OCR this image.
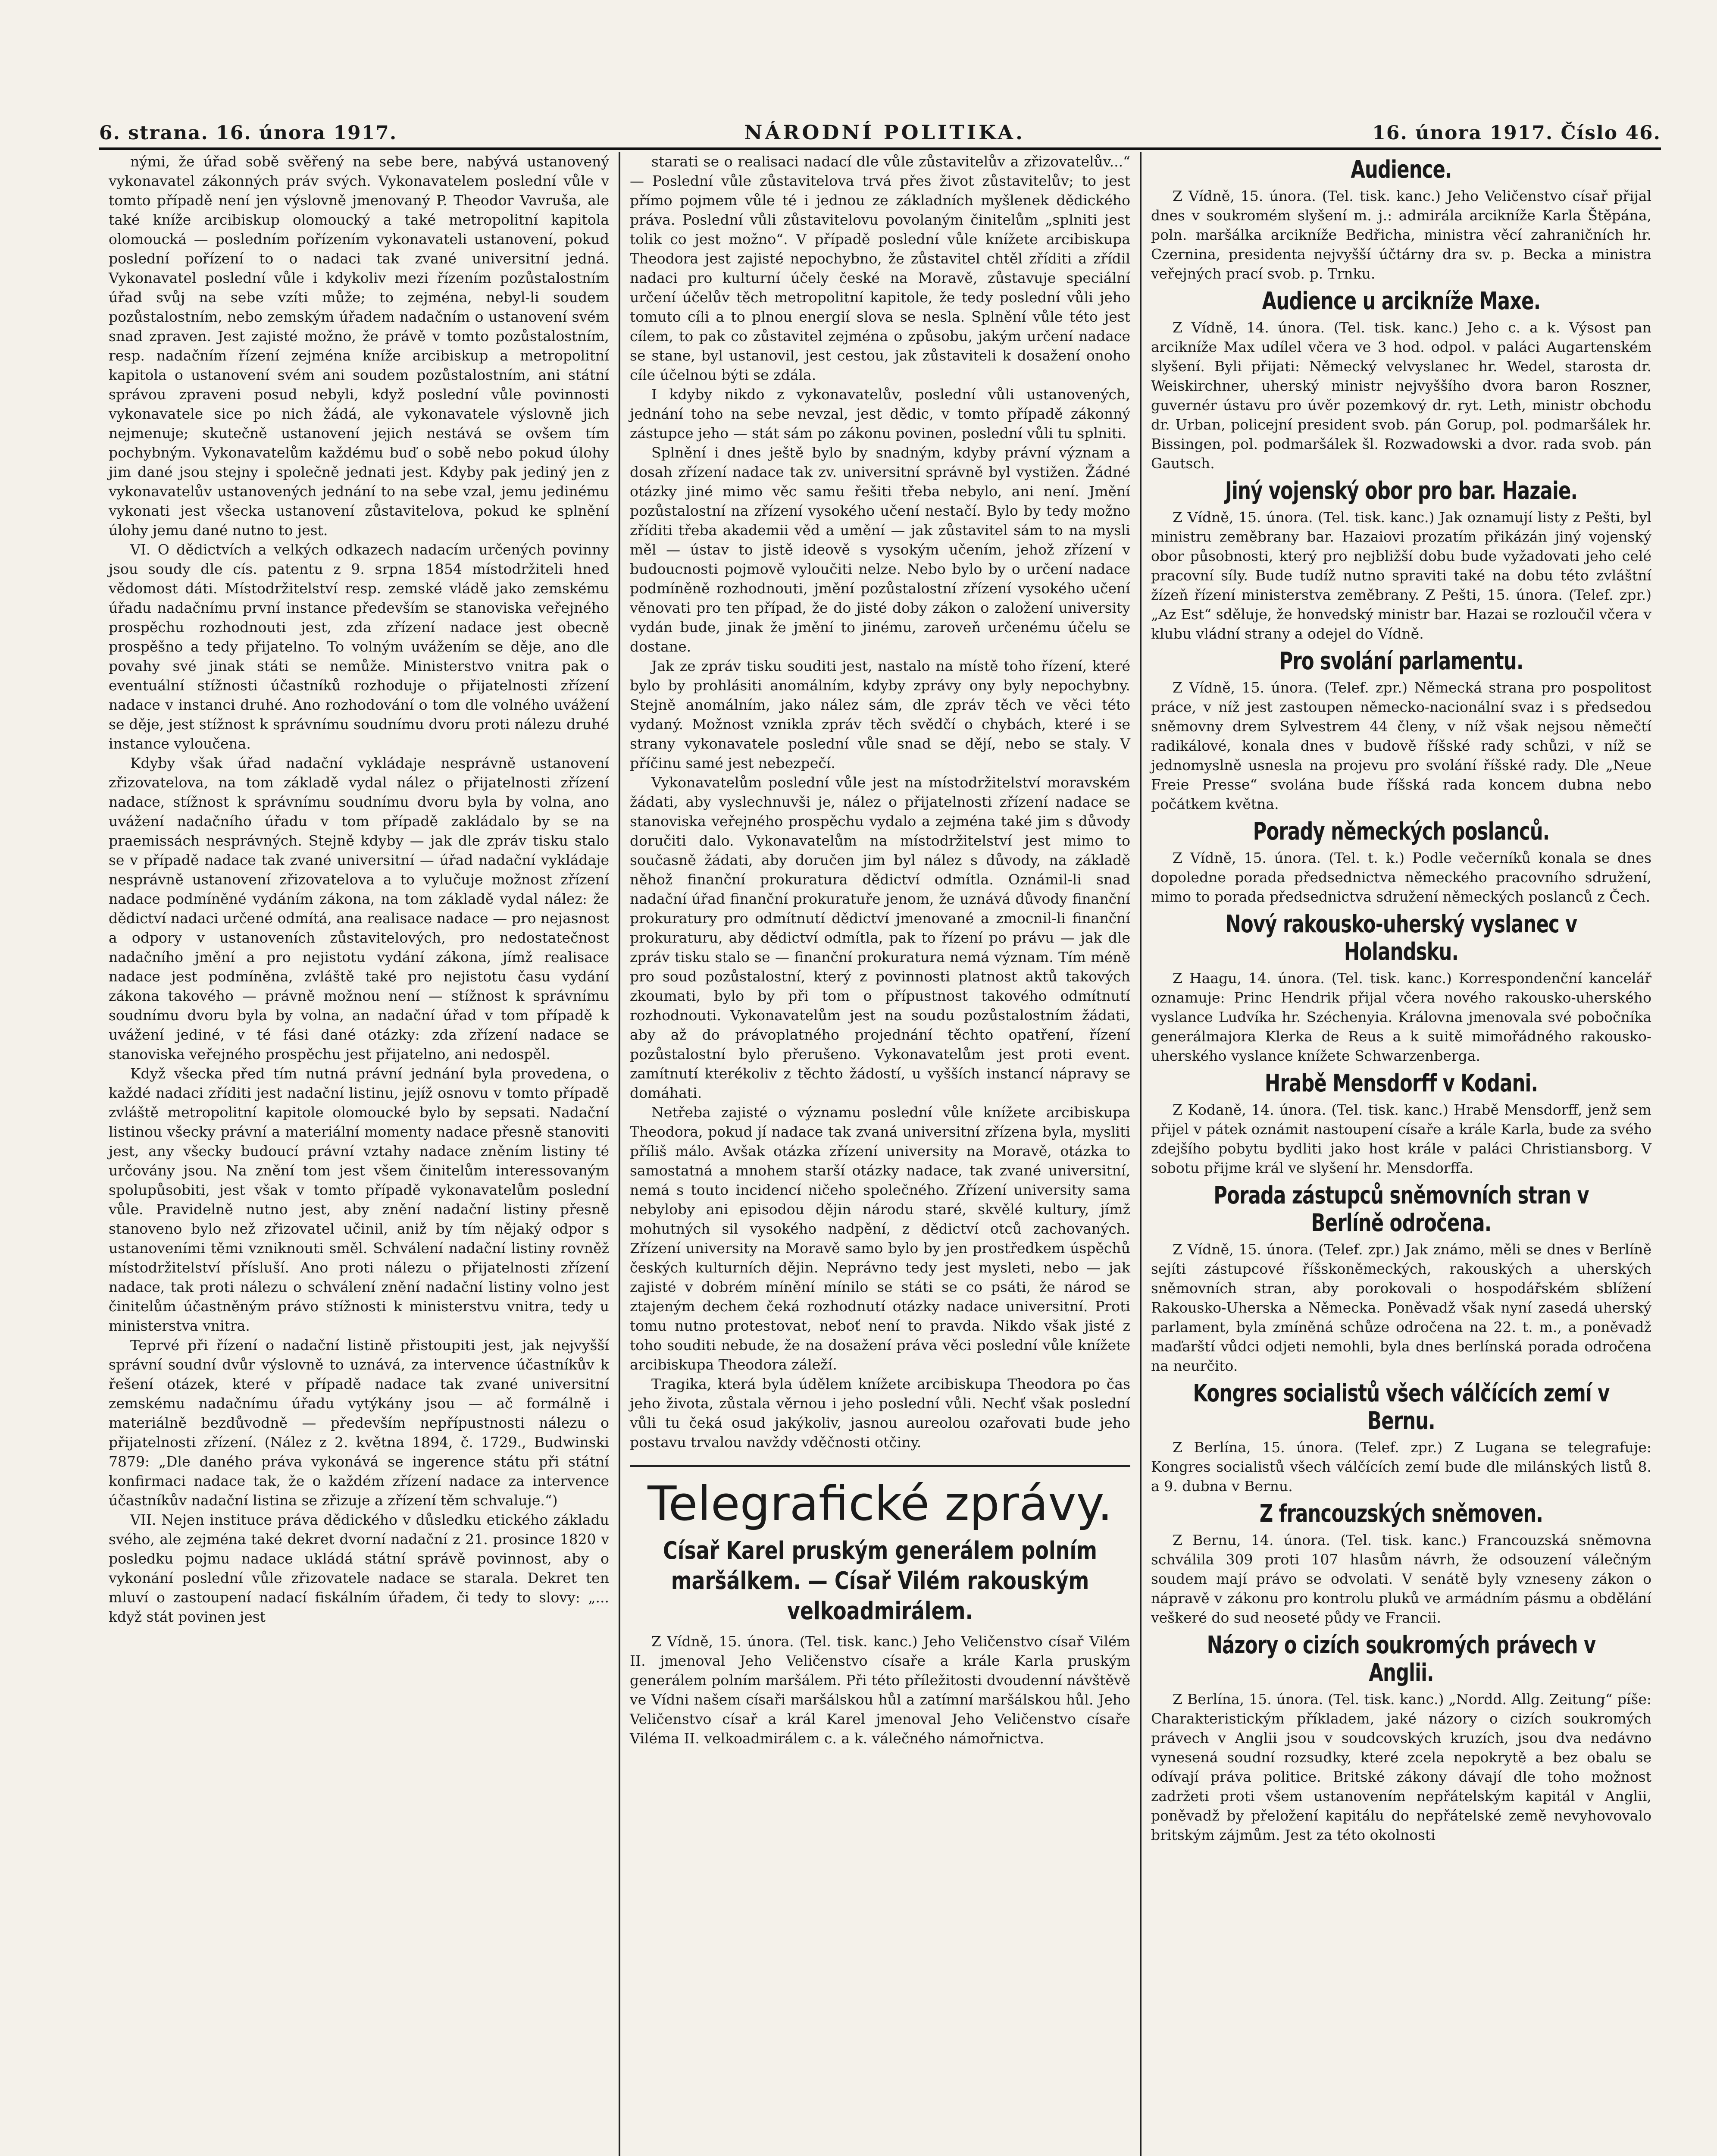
6. strana. 16. února 1917.	NÁRODNÍ POLITIKA.	16. února 1917. Číslo 46.

nými, že úřad sobě svěřený na sebe bere, nabývá ustanovený vykonavatel zákonných práv svých. Vykonavatelem poslední vůle v tomto případě není jen výslovně jmenovaný P. Theodor Vavruša, ale také kníže arcibiskup olomoucký a také metropolitní kapitola olomoucká — posledním pořízením vykonavateli ustanovení, pokud poslední pořízení to o nadaci tak zvané universitní jedná. Vykonavatel poslední vůle i kdykoliv mezi řízením pozůstalostním úřad svůj na sebe vzíti může; to zejména, nebyl-li soudem pozůstalostním, nebo zemským úřadem nadačním o ustanovení svém snad zpraven. Jest zajisté možno, že právě v tomto pozůstalostním, resp. nadačním řízení zejména kníže arcibiskup a metropolitní kapitola o ustanovení svém ani soudem pozůstalostním, ani státní správou zpraveni posud nebyli, když poslední vůle povinnosti vykonavatele sice po nich žádá, ale vykonavatele výslovně jich nejmenuje; skutečně ustanovení jejich nestává se ovšem tím pochybným. Vykonavatelům každému buď o sobě nebo pokud úlohy jim dané jsou stejny i společně jednati jest. Kdyby pak jediný jen z vykonavatelův ustanovených jednání to na sebe vzal, jemu jedinému vykonati jest všecka ustanovení zůstavitelova, pokud ke splnění úlohy jemu dané nutno to jest.

VI. O dědictvích a velkých odkazech nadacím určených povinny jsou soudy dle cís. patentu z 9. srpna 1854 místodržiteli hned vědomost dáti. Místodržitelství resp. zemské vládě jako zemskému úřadu nadačnímu první instance především se stanoviska veřejného prospěchu rozhodnouti jest, zda zřízení nadace jest obecně prospěšno a tedy přijatelno. To volným uvážením se děje, ano dle povahy své jinak státi se nemůže. Ministerstvo vnitra pak o eventuální stížnosti účastníků rozhoduje o přijatelnosti zřízení nadace v instanci druhé. Ano rozhodování o tom dle volného uvážení se děje, jest stížnost k správnímu soudnímu dvoru proti nálezu druhé instance vyloučena.

Kdyby však úřad nadační vykládaje nesprávně ustanovení zřizovatelova, na tom základě vydal nález o přijatelnosti zřízení nadace, stížnost k správnímu soudnímu dvoru byla by volna, ano uvážení nadačního úřadu v tom případě zakládalo by se na praemissách nesprávných. Stejně kdyby — jak dle zpráv tisku stalo se v případě nadace tak zvané universitní — úřad nadační vykládaje nesprávně ustanovení zřizovatelova a to vylučuje možnost zřízení nadace podmíněné vydáním zákona, na tom základě vydal nález: že dědictví nadaci určené odmítá, ana realisace nadace — pro nejasnost a odpory v ustanoveních zůstavitelových, pro nedostatečnost nadačního jmění a pro nejistotu vydání zákona, jímž realisace nadace jest podmíněna, zvláště také pro nejistotu času vydání zákona takového — právně možnou není — stížnost k správnímu soudnímu dvoru byla by volna, an nadační úřad v tom případě k uvážení jediné, v té fási dané otázky: zda zřízení nadace se stanoviska veřejného prospěchu jest přijatelno, ani nedospěl.

Když všecka před tím nutná právní jednání byla provedena, o každé nadaci zříditi jest nadační listinu, jejíž osnovu v tomto případě zvláště metropolitní kapitole olomoucké bylo by sepsati. Nadační listinou všecky právní a materiální momenty nadace přesně stanoviti jest, any všecky budoucí právní vztahy nadace zněním listiny té určovány jsou. Na znění tom jest všem činitelům interessovaným spolupůsobiti, jest však v tomto případě vykonavatelům poslední vůle. Pravidelně nutno jest, aby znění nadační listiny přesně stanoveno bylo než zřizovatel učinil, aniž by tím nějaký odpor s ustanoveními těmi vzniknouti směl. Schválení nadační listiny rovněž místodržitelství přísluší. Ano proti nálezu o přijatelnosti zřízení nadace, tak proti nálezu o schválení znění nadační listiny volno jest činitelům účastněným právo stížnosti k ministerstvu vnitra, tedy u ministerstva vnitra.

Teprvé při řízení o nadační listině přistoupiti jest, jak nejvyšší správní soudní dvůr výslovně to uznává, za intervence účastníkův k řešení otázek, které v případě nadace tak zvané universitní zemskému nadačnímu úřadu vytýkány jsou — ač formálně i materiálně bezdůvodně — především nepřípustnosti nálezu o přijatelnosti zřízení. (Nález z 2. května 1894, č. 1729., Budwinski 7879: „Dle daného práva vykonává se ingerence státu při státní konfirmaci nadace tak, že o každém zřízení nadace za intervence účastníkův nadační listina se zřizuje a zřízení těm schvaluje.“)

VII. Nejen instituce práva dědického v důsledku etického základu svého, ale zejména také dekret dvorní nadační z 21. prosince 1820 v posledku pojmu nadace ukládá státní správě povinnost, aby o vykonání poslední vůle zřizovatele nadace se starala. Dekret ten mluví o zastoupení nadací fiskálním úřadem, či tedy to slovy: „... když stát povinen jest

starati se o realisaci nadací dle vůle zůstavitelův a zřizovatelův...“ — Poslední vůle zůstavitelova trvá přes život zůstavitelův; to jest přímo pojmem vůle té i jednou ze základních myšlenek dědického práva. Poslední vůli zůstavitelovu povolaným činitelům „splniti jest tolik co jest možno“. V případě poslední vůle knížete arcibiskupa Theodora jest zajisté nepochybno, že zůstavitel chtěl zříditi a zřídil nadaci pro kulturní účely české na Moravě, zůstavuje speciální určení účelův těch metropolitní kapitole, že tedy poslední vůli jeho tomuto cíli a to plnou energií slova se nesla. Splnění vůle této jest cílem, to pak co zůstavitel zejména o způsobu, jakým určení nadace se stane, byl ustanovil, jest cestou, jak zůstaviteli k dosažení onoho cíle účelnou býti se zdála.

I kdyby nikdo z vykonavatelův, poslední vůli ustanovených, jednání toho na sebe nevzal, jest dědic, v tomto případě zákonný zástupce jeho — stát sám po zákonu povinen, poslední vůli tu splniti.

Splnění i dnes ještě bylo by snadným, kdyby právní význam a dosah zřízení nadace tak zv. universitní správně byl vystižen. Žádné otázky jiné mimo věc samu řešiti třeba nebylo, ani není. Jmění pozůstalostní na zřízení vysokého učení nestačí. Bylo by tedy možno zříditi třeba akademii věd a umění — jak zůstavitel sám to na mysli měl — ústav to jistě ideově s vysokým učením, jehož zřízení v budoucnosti pojmově vyloučiti nelze. Nebo bylo by o určení nadace podmíněně rozhodnouti, jmění pozůstalostní zřízení vysokého učení věnovati pro ten případ, že do jisté doby zákon o založení university vydán bude, jinak že jmění to jinému, zaroveň určenému účelu se dostane.

Jak ze zpráv tisku souditi jest, nastalo na místě toho řízení, které bylo by prohlásiti anomálním, kdyby zprávy ony byly nepochybny. Stejně anomálním, jako nález sám, dle zpráv těch ve věci této vydaný. Možnost vznikla zpráv těch svědčí o chybách, které i se strany vykonavatele poslední vůle snad se dějí, nebo se staly. V příčinu samé jest nebezpečí.

Vykonavatelům poslední vůle jest na místodržitelství moravském žádati, aby vyslechnuvši je, nález o přijatelnosti zřízení nadace se stanoviska veřejného prospěchu vydalo a zejména také jim s důvody doručiti dalo. Vykonavatelům na místodržitelství jest mimo to současně žádati, aby doručen jim byl nález s důvody, na základě něhož finanční prokuratura dědictví odmítla. Oznámil-li snad nadační úřad finanční prokuratuře jenom, že uznává důvody finanční prokuratury pro odmítnutí dědictví jmenované a zmocnil-li finanční prokuraturu, aby dědictví odmítla, pak to řízení po právu — jak dle zpráv tisku stalo se — finanční prokuratura nemá význam. Tím méně pro soud pozůstalostní, který z povinnosti platnost aktů takových zkoumati, bylo by při tom o přípustnost takového odmítnutí rozhodnouti. Vykonavatelům jest na soudu pozůstalostním žádati, aby až do právoplatného projednání těchto opatření, řízení pozůstalostní bylo přerušeno. Vykonavatelům jest proti event. zamítnutí kterékoliv z těchto žádostí, u vyšších instancí nápravy se domáhati.

Netřeba zajisté o významu poslední vůle knížete arcibiskupa Theodora, pokud jí nadace tak zvaná universitní zřízena byla, mysliti příliš málo. Avšak otázka zřízení university na Moravě, otázka to samostatná a mnohem starší otázky nadace, tak zvané universitní, nemá s touto incidencí ničeho společného. Zřízení university sama nebyloby ani episodou dějin národu staré, skvělé kultury, jímž mohutných sil vysokého nadpění, z dědictví otců zachovaných. Zřízení university na Moravě samo bylo by jen prostředkem úspěchů českých kulturních dějin. Neprávno tedy jest mysleti, nebo — jak zajisté v dobrém mínění mínilo se státi se co psáti, že národ se ztajeným dechem čeká rozhodnutí otázky nadace universitní. Proti tomu nutno protestovat, neboť není to pravda. Nikdo však jisté z toho souditi nebude, že na dosažení práva věci poslední vůle knížete arcibiskupa Theodora záleží.

Tragika, která byla údělem knížete arcibiskupa Theodora po čas jeho života, zůstala věrnou i jeho poslední vůli. Nechť však poslední vůli tu čeká osud jakýkoliv, jasnou aureolou ozařovati bude jeho postavu trvalou navždy vděčnosti otčiny.

Telegrafické zprávy.
Císař Karel pruským generálem polním maršálkem. — Císař Vilém rakouským velkoadmirálem.

Z Vídně, 15. února. (Tel. tisk. kanc.) Jeho Veličenstvo císař Vilém II. jmenoval Jeho Veličenstvo císaře a krále Karla pruským generálem polním maršálem. Při této příležitosti dvoudenní návštěvě ve Vídni našem císaři maršálskou hůl a zatímní maršálskou hůl. Jeho Veličenstvo císař a král Karel jmenoval Jeho Veličenstvo císaře Viléma II. velkoadmirálem c. a k. válečného námořnictva.

Audience.

Z Vídně, 15. února. (Tel. tisk. kanc.) Jeho Veličenstvo císař přijal dnes v soukromém slyšení m. j.: admirála arcikníže Karla Štěpána, poln. maršálka arcikníže Bedřicha, ministra věcí zahraničních hr. Czernina, presidenta nejvyšší účtárny dra sv. p. Becka a ministra veřejných prací svob. p. Trnku.

Audience u arcikníže Maxe.

Z Vídně, 14. února. (Tel. tisk. kanc.) Jeho c. a k. Výsost pan arcikníže Max udílel včera ve 3 hod. odpol. v paláci Augartenském slyšení. Byli přijati: Německý velvyslanec hr. Wedel, starosta dr. Weiskirchner, uherský ministr nejvyššího dvora baron Roszner, guvernér ústavu pro úvěr pozemkový dr. ryt. Leth, ministr obchodu dr. Urban, policejní president svob. pán Gorup, pol. podmaršálek hr. Bissingen, pol. podmaršálek šl. Rozwadowski a dvor. rada svob. pán Gautsch.

Jiný vojenský obor pro bar. Hazaie.

Z Vídně, 15. února. (Tel. tisk. kanc.) Jak oznamují listy z Pešti, byl ministru zeměbrany bar. Hazaiovi prozatím přikázán jiný vojenský obor působnosti, který pro nejbližší dobu bude vyžadovati jeho celé pracovní síly. Bude tudíž nutno spraviti také na dobu této zvláštní žízeň řízení ministerstva zeměbrany. Z Pešti, 15. února. (Telef. zpr.) „Az Est“ sděluje, že honvedský ministr bar. Hazai se rozloučil včera v klubu vládní strany a odejel do Vídně.

Pro svolání parlamentu.

Z Vídně, 15. února. (Telef. zpr.) Německá strana pro pospolitost práce, v níž jest zastoupen německo-nacionální svaz i s předsedou sněmovny drem Sylvestrem 44 členy, v níž však nejsou němečtí radikálové, konala dnes v budově říšské rady schůzi, v níž se jednomyslně usnesla na projevu pro svolání říšské rady. Dle „Neue Freie Presse“ svolána bude říšská rada koncem dubna nebo počátkem května.

Porady německých poslanců.

Z Vídně, 15. února. (Tel. t. k.) Podle večerníků konala se dnes dopoledne porada předsednictva německého pracovního sdružení, mimo to porada předsednictva sdružení německých poslanců z Čech.

Nový rakousko-uherský vyslanec v Holandsku.

Z Haagu, 14. února. (Tel. tisk. kanc.) Korrespondenční kancelář oznamuje: Princ Hendrik přijal včera nového rakousko-uherského vyslance Ludvíka hr. Széchenyia. Královna jmenovala své pobočníka generálmajora Klerka de Reus a k suitě mimořádného rakousko-uherského vyslance knížete Schwarzenberga.

Hrabě Mensdorff v Kodani.

Z Kodaně, 14. února. (Tel. tisk. kanc.) Hrabě Mensdorff, jenž sem přijel v pátek oznámit nastoupení císaře a krále Karla, bude za svého zdejšího pobytu bydliti jako host krále v paláci Christiansborg. V sobotu přijme král ve slyšení hr. Mensdorffa.

Porada zástupců sněmovních stran v Berlíně odročena.

Z Vídně, 15. února. (Telef. zpr.) Jak známo, měli se dnes v Berlíně sejíti zástupcové říšskoněmeckých, rakouských a uherských sněmovních stran, aby porokovali o hospodářském sblížení Rakousko-Uherska a Německa. Poněvadž však nyní zasedá uherský parlament, byla zmíněná schůze odročena na 22. t. m., a poněvadž maďarští vůdci odjeti nemohli, byla dnes berlínská porada odročena na neurčito.

Kongres socialistů všech válčících zemí v Bernu.

Z Berlína, 15. února. (Telef. zpr.) Z Lugana se telegrafuje: Kongres socialistů všech válčících zemí bude dle milánských listů 8. a 9. dubna v Bernu.

Z francouzských sněmoven.

Z Bernu, 14. února. (Tel. tisk. kanc.) Francouzská sněmovna schválila 309 proti 107 hlasům návrh, že odsouzení válečným soudem mají právo se odvolati. V senátě byly vzneseny zákon o nápravě v zákonu pro kontrolu pluků ve armádním pásmu a obdělání veškeré do sud neoseté půdy ve Francii.

Názory o cizích soukromých právech v Anglii.

Z Berlína, 15. února. (Tel. tisk. kanc.) „Nordd. Allg. Zeitung“ píše: Charakteristickým příkladem, jaké názory o cizích soukromých právech v Anglii jsou v soudcovských kruzích, jsou dva nedávno vynesená soudní rozsudky, které zcela nepokrytě a bez obalu se odívají práva politice. Britské zákony dávají dle toho možnost zadržeti proti všem ustanovením nepřátelským kapitál v Anglii, poněvadž by přeložení kapitálu do nepřátelské země nevyhovovalo britským zájmům. Jest za této okolnosti
